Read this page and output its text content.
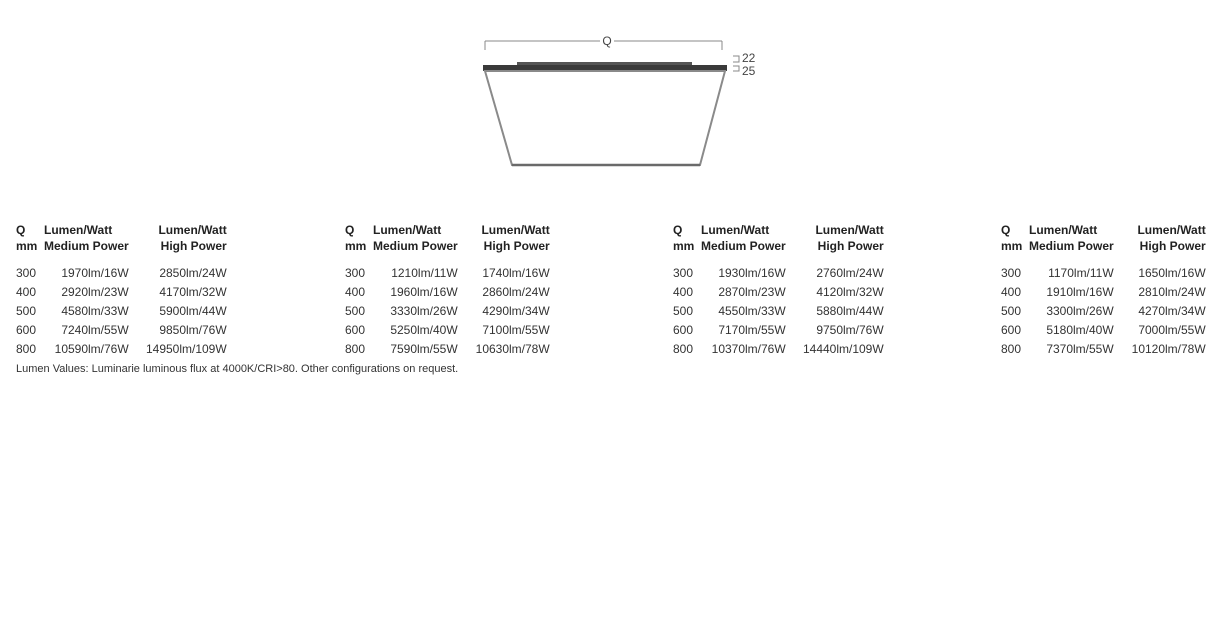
Q
22
25
Q	Lumen/Watt	Lumen/Watt
mm	Medium Power	High Power
300	1970lm/16W	2850lm/24W
400	2920lm/23W	4170lm/32W
500	4580lm/33W	5900lm/44W
600	7240lm/55W	9850lm/76W
800	10590lm/76W	14950lm/109W
Q	Lumen/Watt	Lumen/Watt
mm	Medium Power	High Power
300	1210lm/11W	1740lm/16W
400	1960lm/16W	2860lm/24W
500	3330lm/26W	4290lm/34W
600	5250lm/40W	7100lm/55W
800	7590lm/55W	10630lm/78W
Q	Lumen/Watt	Lumen/Watt
mm	Medium Power	High Power
300	1930lm/16W	2760lm/24W
400	2870lm/23W	4120lm/32W
500	4550lm/33W	5880lm/44W
600	7170lm/55W	9750lm/76W
800	10370lm/76W	14440lm/109W
Q	Lumen/Watt	Lumen/Watt
mm	Medium Power	High Power
300	1170lm/11W	1650lm/16W
400	1910lm/16W	2810lm/24W
500	3300lm/26W	4270lm/34W
600	5180lm/40W	7000lm/55W
800	7370lm/55W	10120lm/78W
Lumen Values: Luminarie luminous flux at 4000K/CRI>80. Other configurations on request.
